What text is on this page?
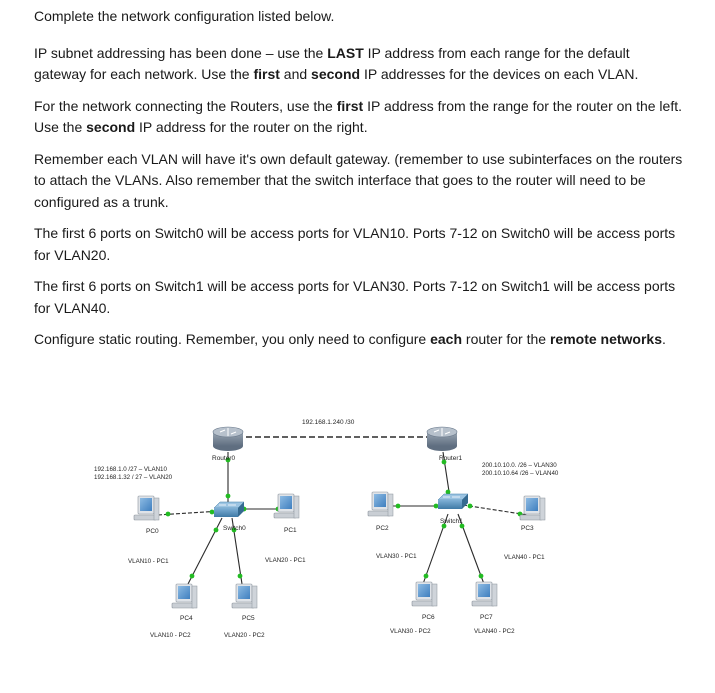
Complete the network configuration listed below.

IP subnet addressing has been done – use the LAST IP address from each range for the default gateway for each network. Use the first and second IP addresses for the devices on each VLAN.

For the network connecting the Routers, use the first IP address from the range for the router on the left. Use the second IP address for the router on the right.

Remember each VLAN will have it's own default gateway. (remember to use subinterfaces on the routers to attach the VLANs. Also remember that the switch interface that goes to the router will need to be configured as a trunk.

The first 6 ports on Switch0 will be access ports for VLAN10. Ports 7-12 on Switch0 will be access ports for VLAN20.

The first 6 ports on Switch1 will be access ports for VLAN30. Ports 7-12 on Switch1 will be access ports for VLAN40.

Configure static routing. Remember, you only need to configure each router for the remote networks.

192.168.1.240 /30
Router0	Router1
Switch0
Switch1
192.168.1.0 /27 – VLAN10
192.168.1.32 / 27 – VLAN20
200.10.10.0. /26 – VLAN30
200.10.10.64 /26 – VLAN40
PC0
VLAN10 - PC1
PC1
VLAN20 - PC1
PC2
VLAN30 - PC1
PC3
VLAN40 - PC1
PC4
VLAN10 - PC2
PC5
VLAN20 - PC2
PC6
VLAN30 - PC2
PC7
VLAN40 - PC2
